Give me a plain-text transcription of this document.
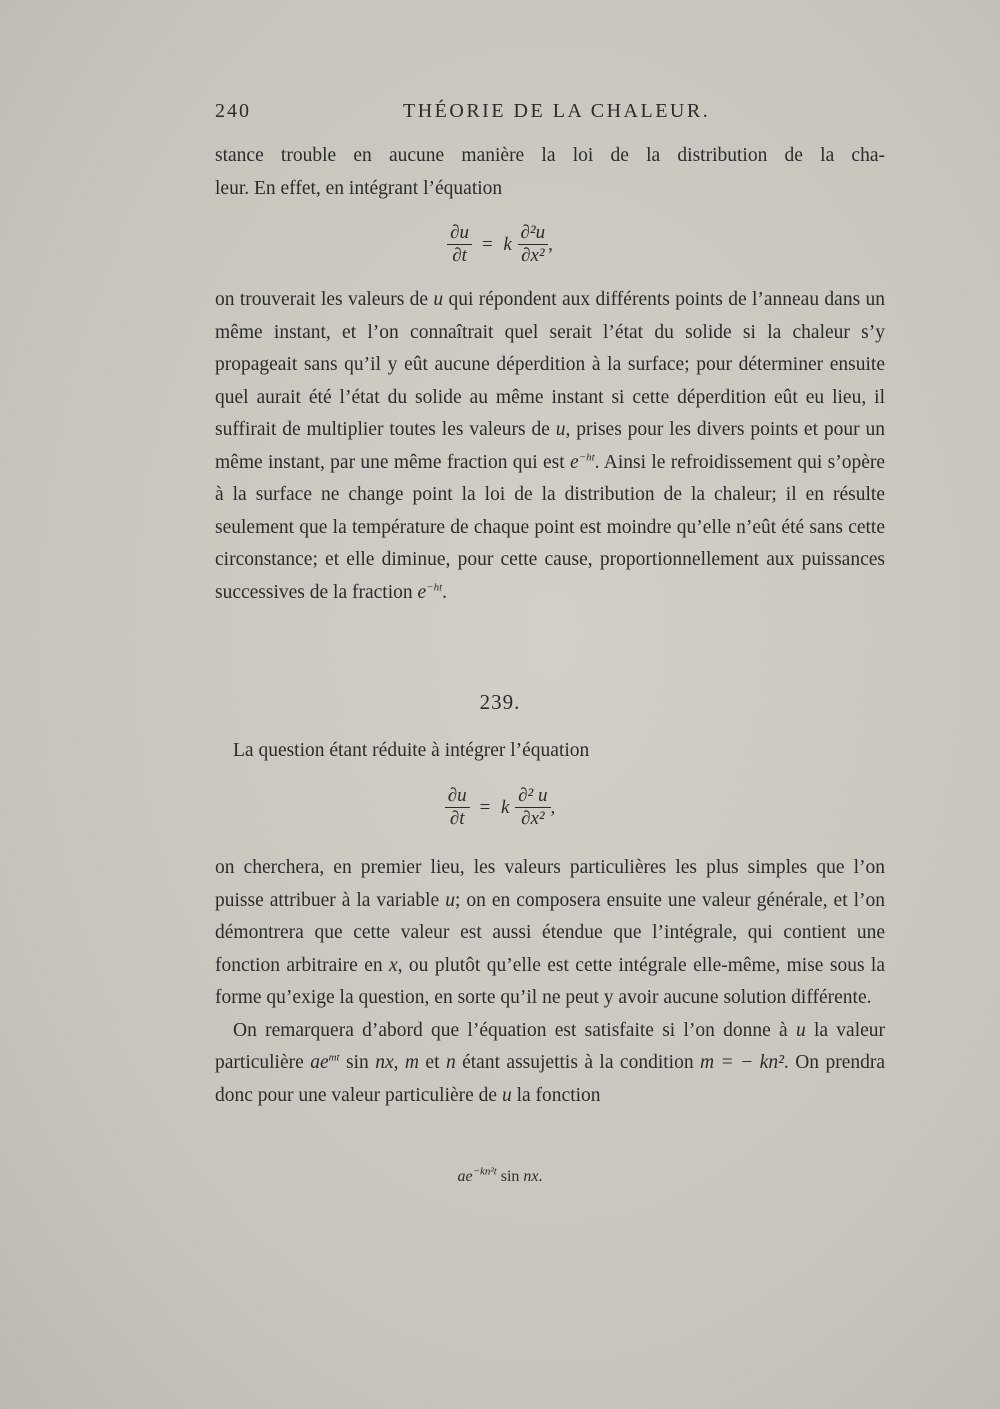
240	THÉORIE DE LA CHALEUR.

stance trouble en aucune manière la loi de la distribution de la cha-

leur. En effet, en intégrant l’équation

$\frac{\partial u}{\partial t} = k \frac{\text{∂²u}}{\text{∂x²}}$ ,

on trouverait les valeurs de u qui répondent aux différents points de l’anneau dans un même instant, et l’on connaîtrait quel serait l’état du solide si la chaleur s’y propageait sans qu’il y eût aucune déperdition à la surface; pour déterminer ensuite quel aurait été l’état du solide au même instant si cette déperdition eût eu lieu, il suffirait de multiplier toutes les valeurs de u, prises pour les divers points et pour un même instant, par une même fraction qui est $e^{-ht}$. Ainsi le refroidissement qui s’opère à la surface ne change point la loi de la distribution de la chaleur; il en résulte seulement que la température de chaque point est moindre qu’elle n’eût été sans cette circonstance; et elle diminue, pour cette cause, proportionnellement aux puissances successives de la fraction $e^{-ht}$.

239.

La question étant réduite à intégrer l’équation

$\frac{\partial u}{\partial t} = k \frac{\text{∂² u}}{\text{∂x²}}$ ,

on cherchera, en premier lieu, les valeurs particulières les plus simples que l’on puisse attribuer à la variable u; on en composera ensuite une valeur générale, et l’on démontrera que cette valeur est aussi étendue que l’intégrale, qui contient une fonction arbitraire en x, ou plutôt qu’elle est cette intégrale elle-même, mise sous la forme qu’exige la question, en sorte qu’il ne peut y avoir aucune solution différente.

On remarquera d’abord que l’équation est satisfaite si l’on donne à u la valeur particulière $ae^{mt}$ sin nx, m et n étant assujettis à la condition m = − kn². On prendra donc pour une valeur particulière de u la fonction

$ae^{-kn^2t}$ sin nx.
